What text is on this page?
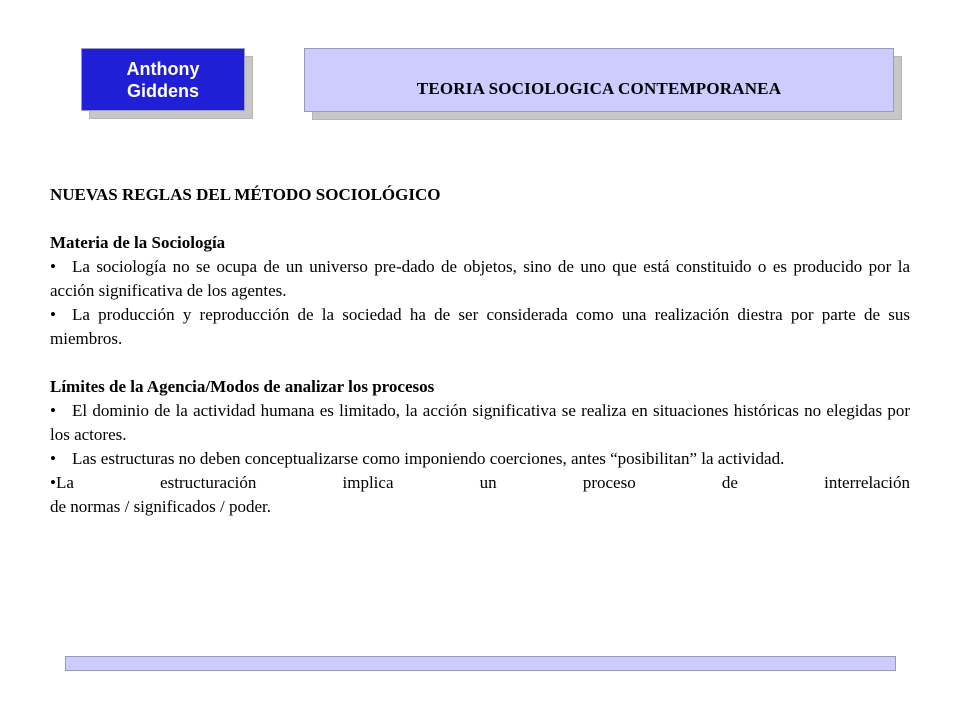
Anthony
Giddens	TEORIA SOCIOLOGICA CONTEMPORANEA

NUEVAS REGLAS DEL MÉTODO SOCIOLÓGICO

Materia de la Sociología

• La sociología no se ocupa de un universo pre-dado de objetos, sino de uno que está constituido o es producido por la acción significativa de los agentes.

• La producción y reproducción de la sociedad ha de ser considerada como una realización diestra por parte de sus miembros.

Límites de la Agencia/Modos de analizar los procesos

• El dominio de la actividad humana es limitado, la acción significativa se realiza en situaciones históricas no elegidas por los actores.

• Las estructuras no deben conceptualizarse como imponiendo coerciones, antes “posibilitan” la actividad.

•La estructuración implica un proceso de interrelación

de normas / significados / poder.
